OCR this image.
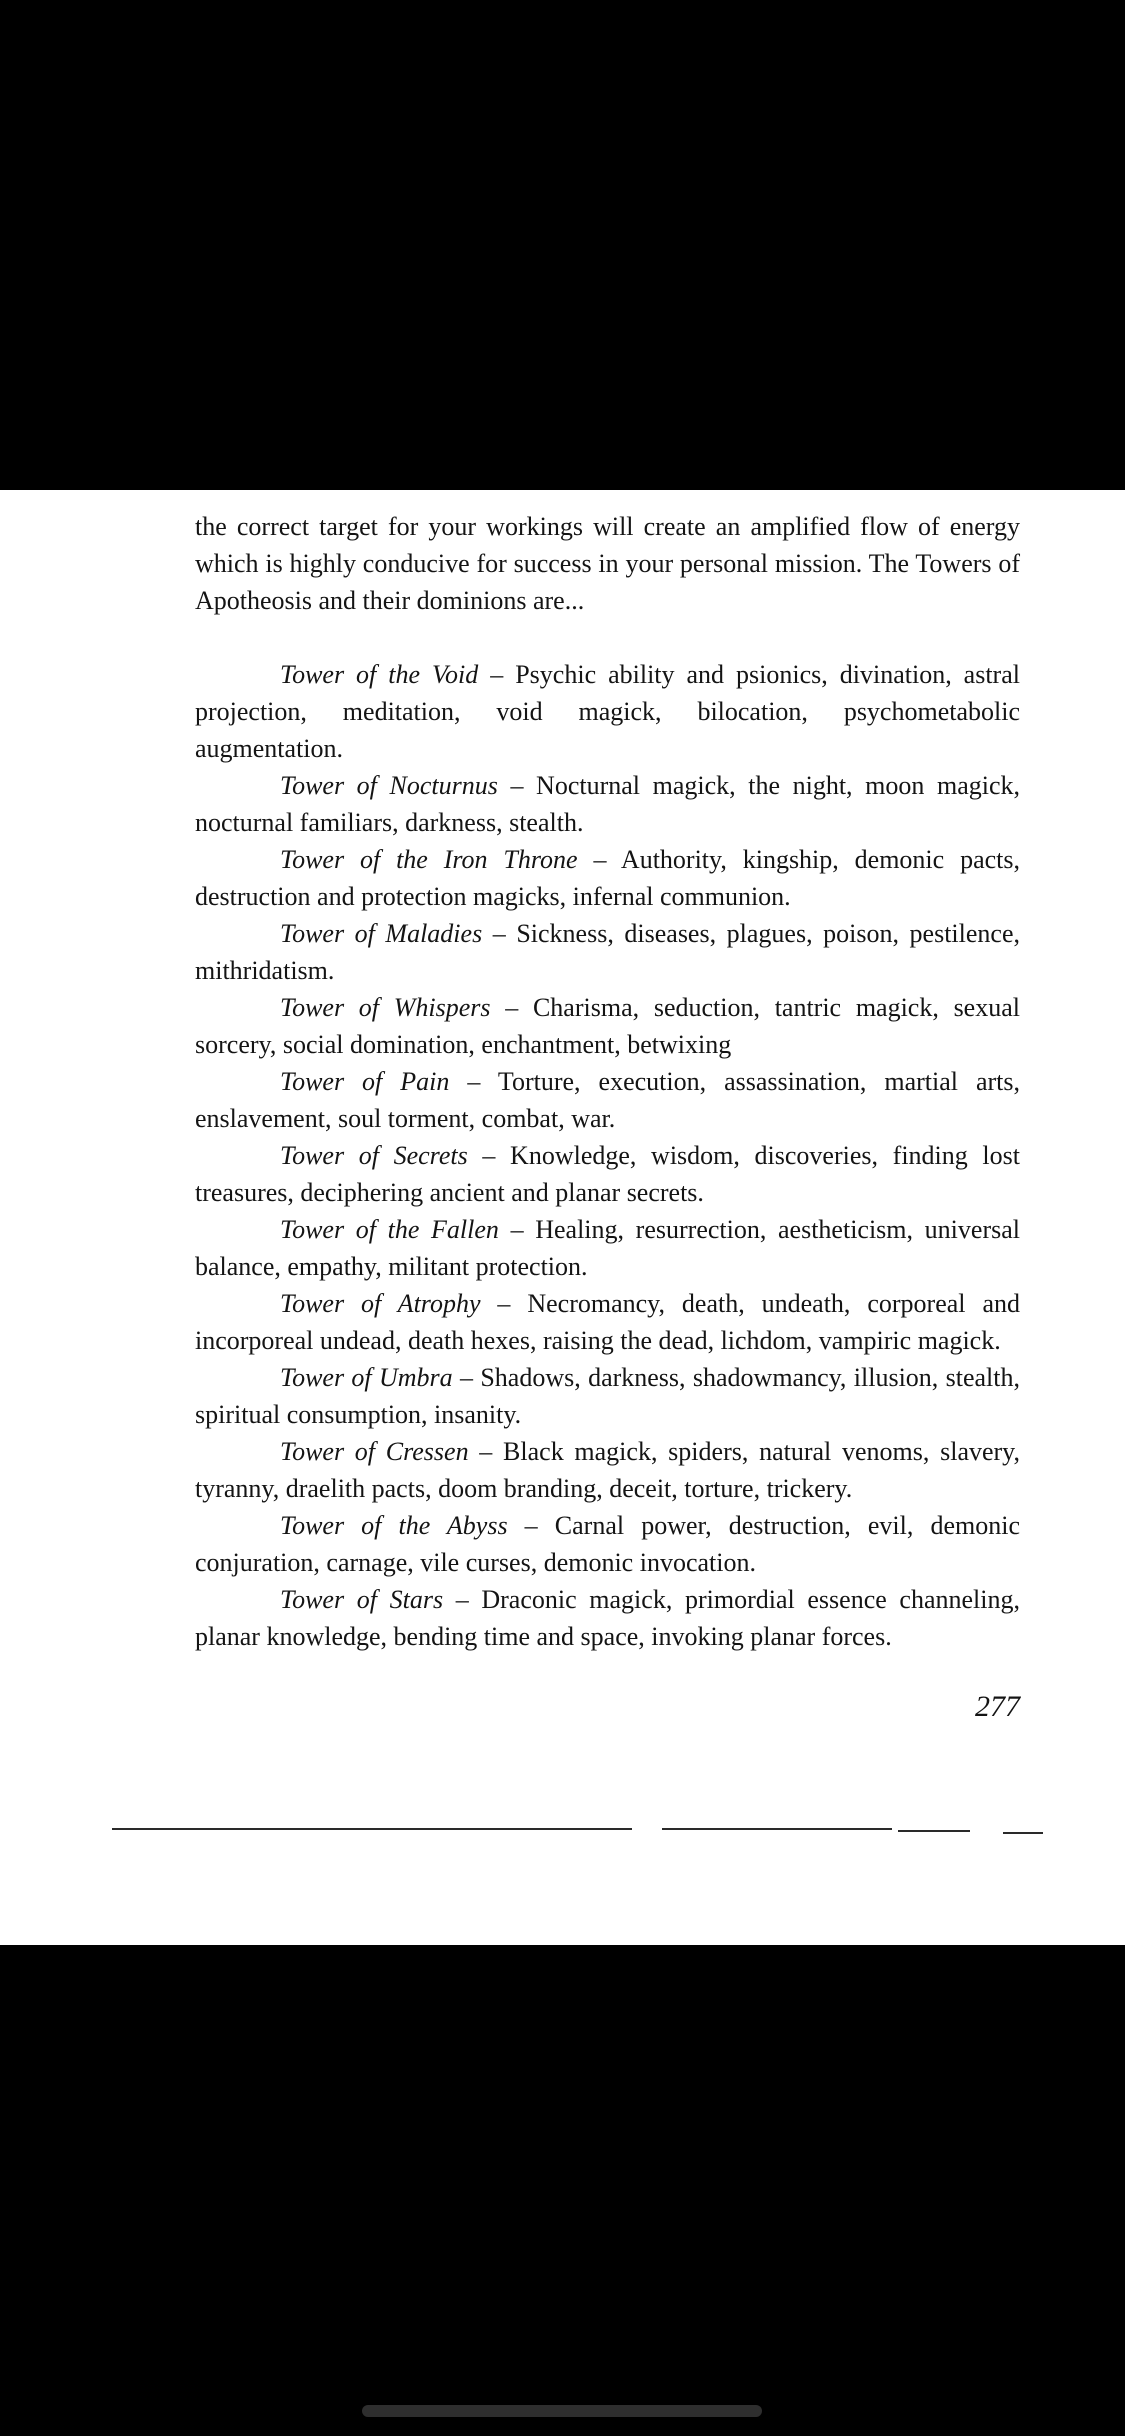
the correct target for your workings will create an amplified flow of energy which is highly conducive for success in your personal mission. The Towers of Apotheosis and their dominions are...

Tower of the Void – Psychic ability and psionics, divination, astral projection, meditation, void magick, bilocation, psychometabolic augmentation.

Tower of Nocturnus – Nocturnal magick, the night, moon magick, nocturnal familiars, darkness, stealth.

Tower of the Iron Throne – Authority, kingship, demonic pacts, destruction and protection magicks, infernal communion.

Tower of Maladies – Sickness, diseases, plagues, poison, pestilence, mithridatism.

Tower of Whispers – Charisma, seduction, tantric magick, sexual sorcery, social domination, enchantment, betwixing

Tower of Pain – Torture, execution, assassination, martial arts, enslavement, soul torment, combat, war.

Tower of Secrets – Knowledge, wisdom, discoveries, finding lost treasures, deciphering ancient and planar secrets.

Tower of the Fallen – Healing, resurrection, aestheticism, universal balance, empathy, militant protection.

Tower of Atrophy – Necromancy, death, undeath, corporeal and incorporeal undead, death hexes, raising the dead, lichdom, vampiric magick.

Tower of Umbra – Shadows, darkness, shadowmancy, illusion, stealth, spiritual consumption, insanity.

Tower of Cressen – Black magick, spiders, natural venoms, slavery, tyranny, draelith pacts, doom branding, deceit, torture, trickery.

Tower of the Abyss – Carnal power, destruction, evil, demonic conjuration, carnage, vile curses, demonic invocation.

Tower of Stars – Draconic magick, primordial essence channeling, planar knowledge, bending time and space, invoking planar forces.

277
